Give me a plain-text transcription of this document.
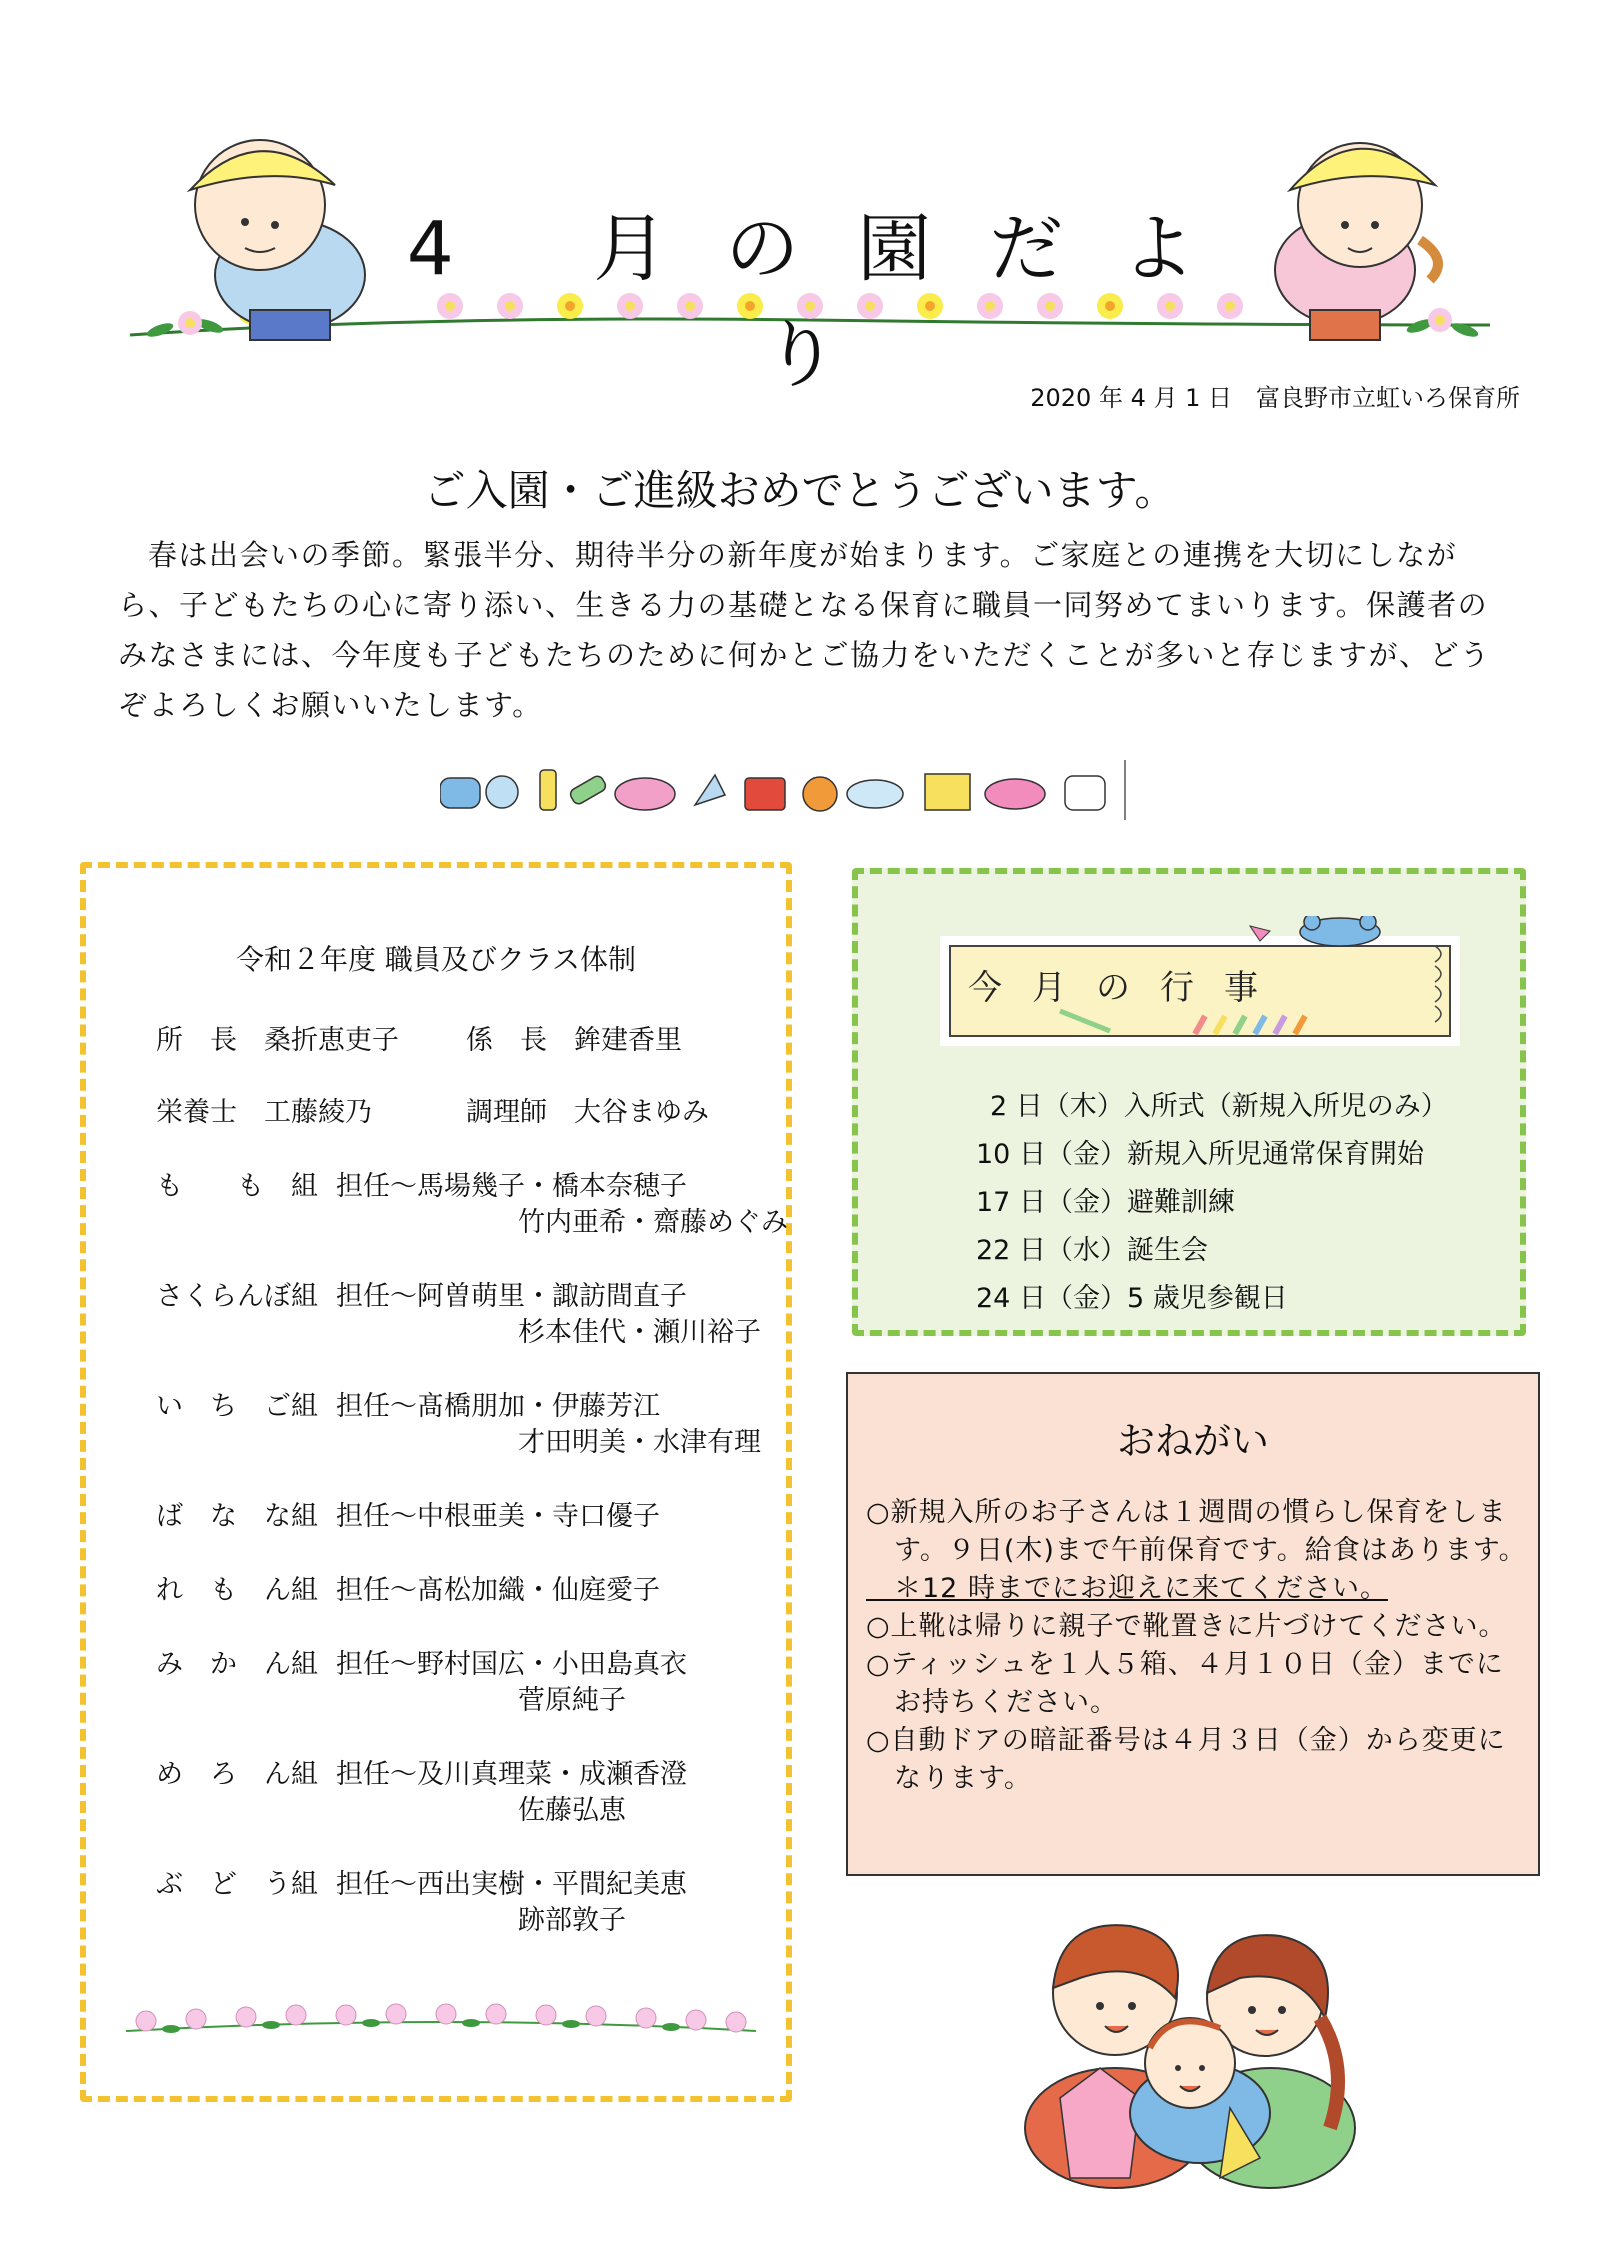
4 月の園だより	2020 年 4 月 1 日　富良野市立虹いろ保育所
ご入園・ご進級おめでとうございます。
春は出会いの季節。緊張半分、期待半分の新年度が始まります。ご家庭との連携を大切にしながら、子どもたちの心に寄り添い、生きる力の基礎となる保育に職員一同努めてまいります。保護者のみなさまには、今年度も子どもたちのために何かとご協力をいただくことが多いと存じますが、どうぞよろしくお願いいたします。
令和２年度 職員及びクラス体制
所　長　桑折恵吏子 係　長　鉾建香里
栄養士　工藤綾乃	調理師　大谷まゆみ
も　　も　組 担任～馬場幾子・橋本奈穂子
竹内亜希・齋藤めぐみ
さくらんぼ組 担任～阿曽萌里・諏訪間直子
杉本佳代・瀬川裕子
い　ち　ご組 担任～髙橋朋加・伊藤芳江
才田明美・水津有理
ば　な　な組 担任～中根亜美・寺口優子
れ　も　ん組 担任～髙松加織・仙庭愛子
み　か　ん組 担任～野村国広・小田島真衣
菅原純子
め　ろ　ん組 担任～及川真理菜・成瀬香澄
佐藤弘恵
ぶ　ど　う組 担任～西出実樹・平間紀美恵
跡部敦子
今月の行事
2 日（木）入所式（新規入所児のみ）
10 日（金）新規入所児通常保育開始
17 日（金）避難訓練
22 日（水）誕生会
24 日（金）5 歳児参観日
おねがい
○新規入所のお子さんは１週間の慣らし保育をしま
　す。９日(木)まで午前保育です。給食はあります。
　＊12 時までにお迎えに来てください。
○上靴は帰りに親子で靴置きに片づけてください。
○ティッシュを１人５箱、４月１０日（金）までに
　お持ちください。
○自動ドアの暗証番号は４月３日（金）から変更に
　なります。
